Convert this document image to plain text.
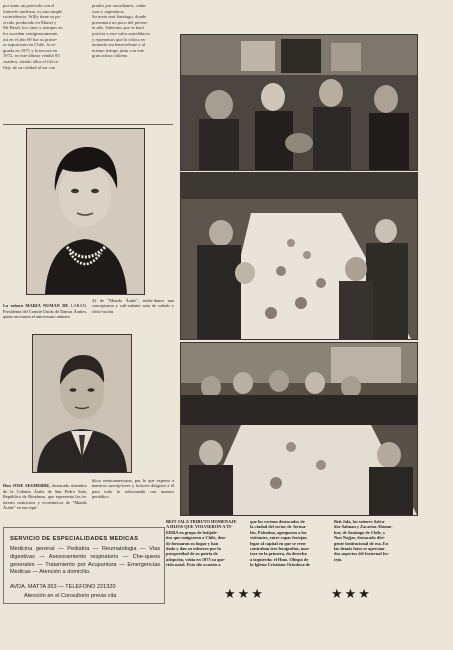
por tanto un parecido con el
franceés tarifiano, es una simple
coincidencia. Willy tiene su pa-
recido producido en Monet y
Mr Breal, los cines y tiempos en
los sucedan vertiginosamente,
así en el año 69 fue su prime-
ra exposición en Chile, la se-
gunda en 1971 y la tercera en
1972, en este último vendió 85
cuadros, siendo allos el fiel re-
flejo de su calidad al ser con
prados por ancudianos, cadas
ruos y argentinos.
Su meta será Santiago, donde
presentará un poco del presen-
te año. Sabemos que se hará
justicia a este valor autodidacta
y esperamos que la crítica es-
tarinada sea benevolente y al
mismo tiempo justa con este
gran artista chileno.

La señora MARIA NUMAN DE LARAN, Presidenta del Comité Unido de Damas Árabes, quien asociaron el aniversario número

42 de "Mundo Árabe", reelar-dance una conceptuosa y cali-eulante nota de saludo y felici-tación.

Don JOSE SEGHEBRE, destacado miembro de la Colonia Árabe de San Pedro Sula, República de Honduras, que representa los in-tereses noticiosos y económicos de "Mundo Árabe" en esa repú-

blica centroamericana, por lo que expresa a nuestros suscrip-tores y lectores dirigirse a él para todo lo relacionado con nuestro periódico.
SERVICIO DE ESPECIALIDADES MEDICAS
Medicina general — Pediatria — Reumatologia — Vias digestivas — Asesoramiento respiratorio — Che-queos generales — Tratamiento por Acupuntura — Emergencias Medicas — Atención a domicilio.
AVDA. MATTA 363 — TELEFONO 221320
Atención en el Consultorio previa cita
BEIT JALA TRIBUTO HOMENAJE
A HIJOS QUE VOLVIERON A TI-
ERRA en grupo de beitjale-
ños que emigraron a Chile, don-
de formaron su hogar y han
dado y dan su esfuerzo por la
prosperidad de su patria de
adopción, visita en 1973 su que-
rida natal. Foto dio ocasión a
que los vecinos destacados de
la ciudad del sector de Jerusa-
lén, Palestina, agruparon a los
visitantes, entre copas festejan
legar al capital en que se reen-
contraban tres fotografías, mos-
trar en la primera, da derecha
a izquierda: el Hmo. Obispo de
la Iglesia Cristiana Ortodoxa de
Beit Jala, los señores Salva-
dor Salman y Zacarias Abumo-
hor, de Santiago de Chile, y
Non Najjar, destacado diri-
gente institucional de esa. En
las demás fotos se aprecian
dos aspectos del fraternal fes-
tejo.
★★★	★★★
